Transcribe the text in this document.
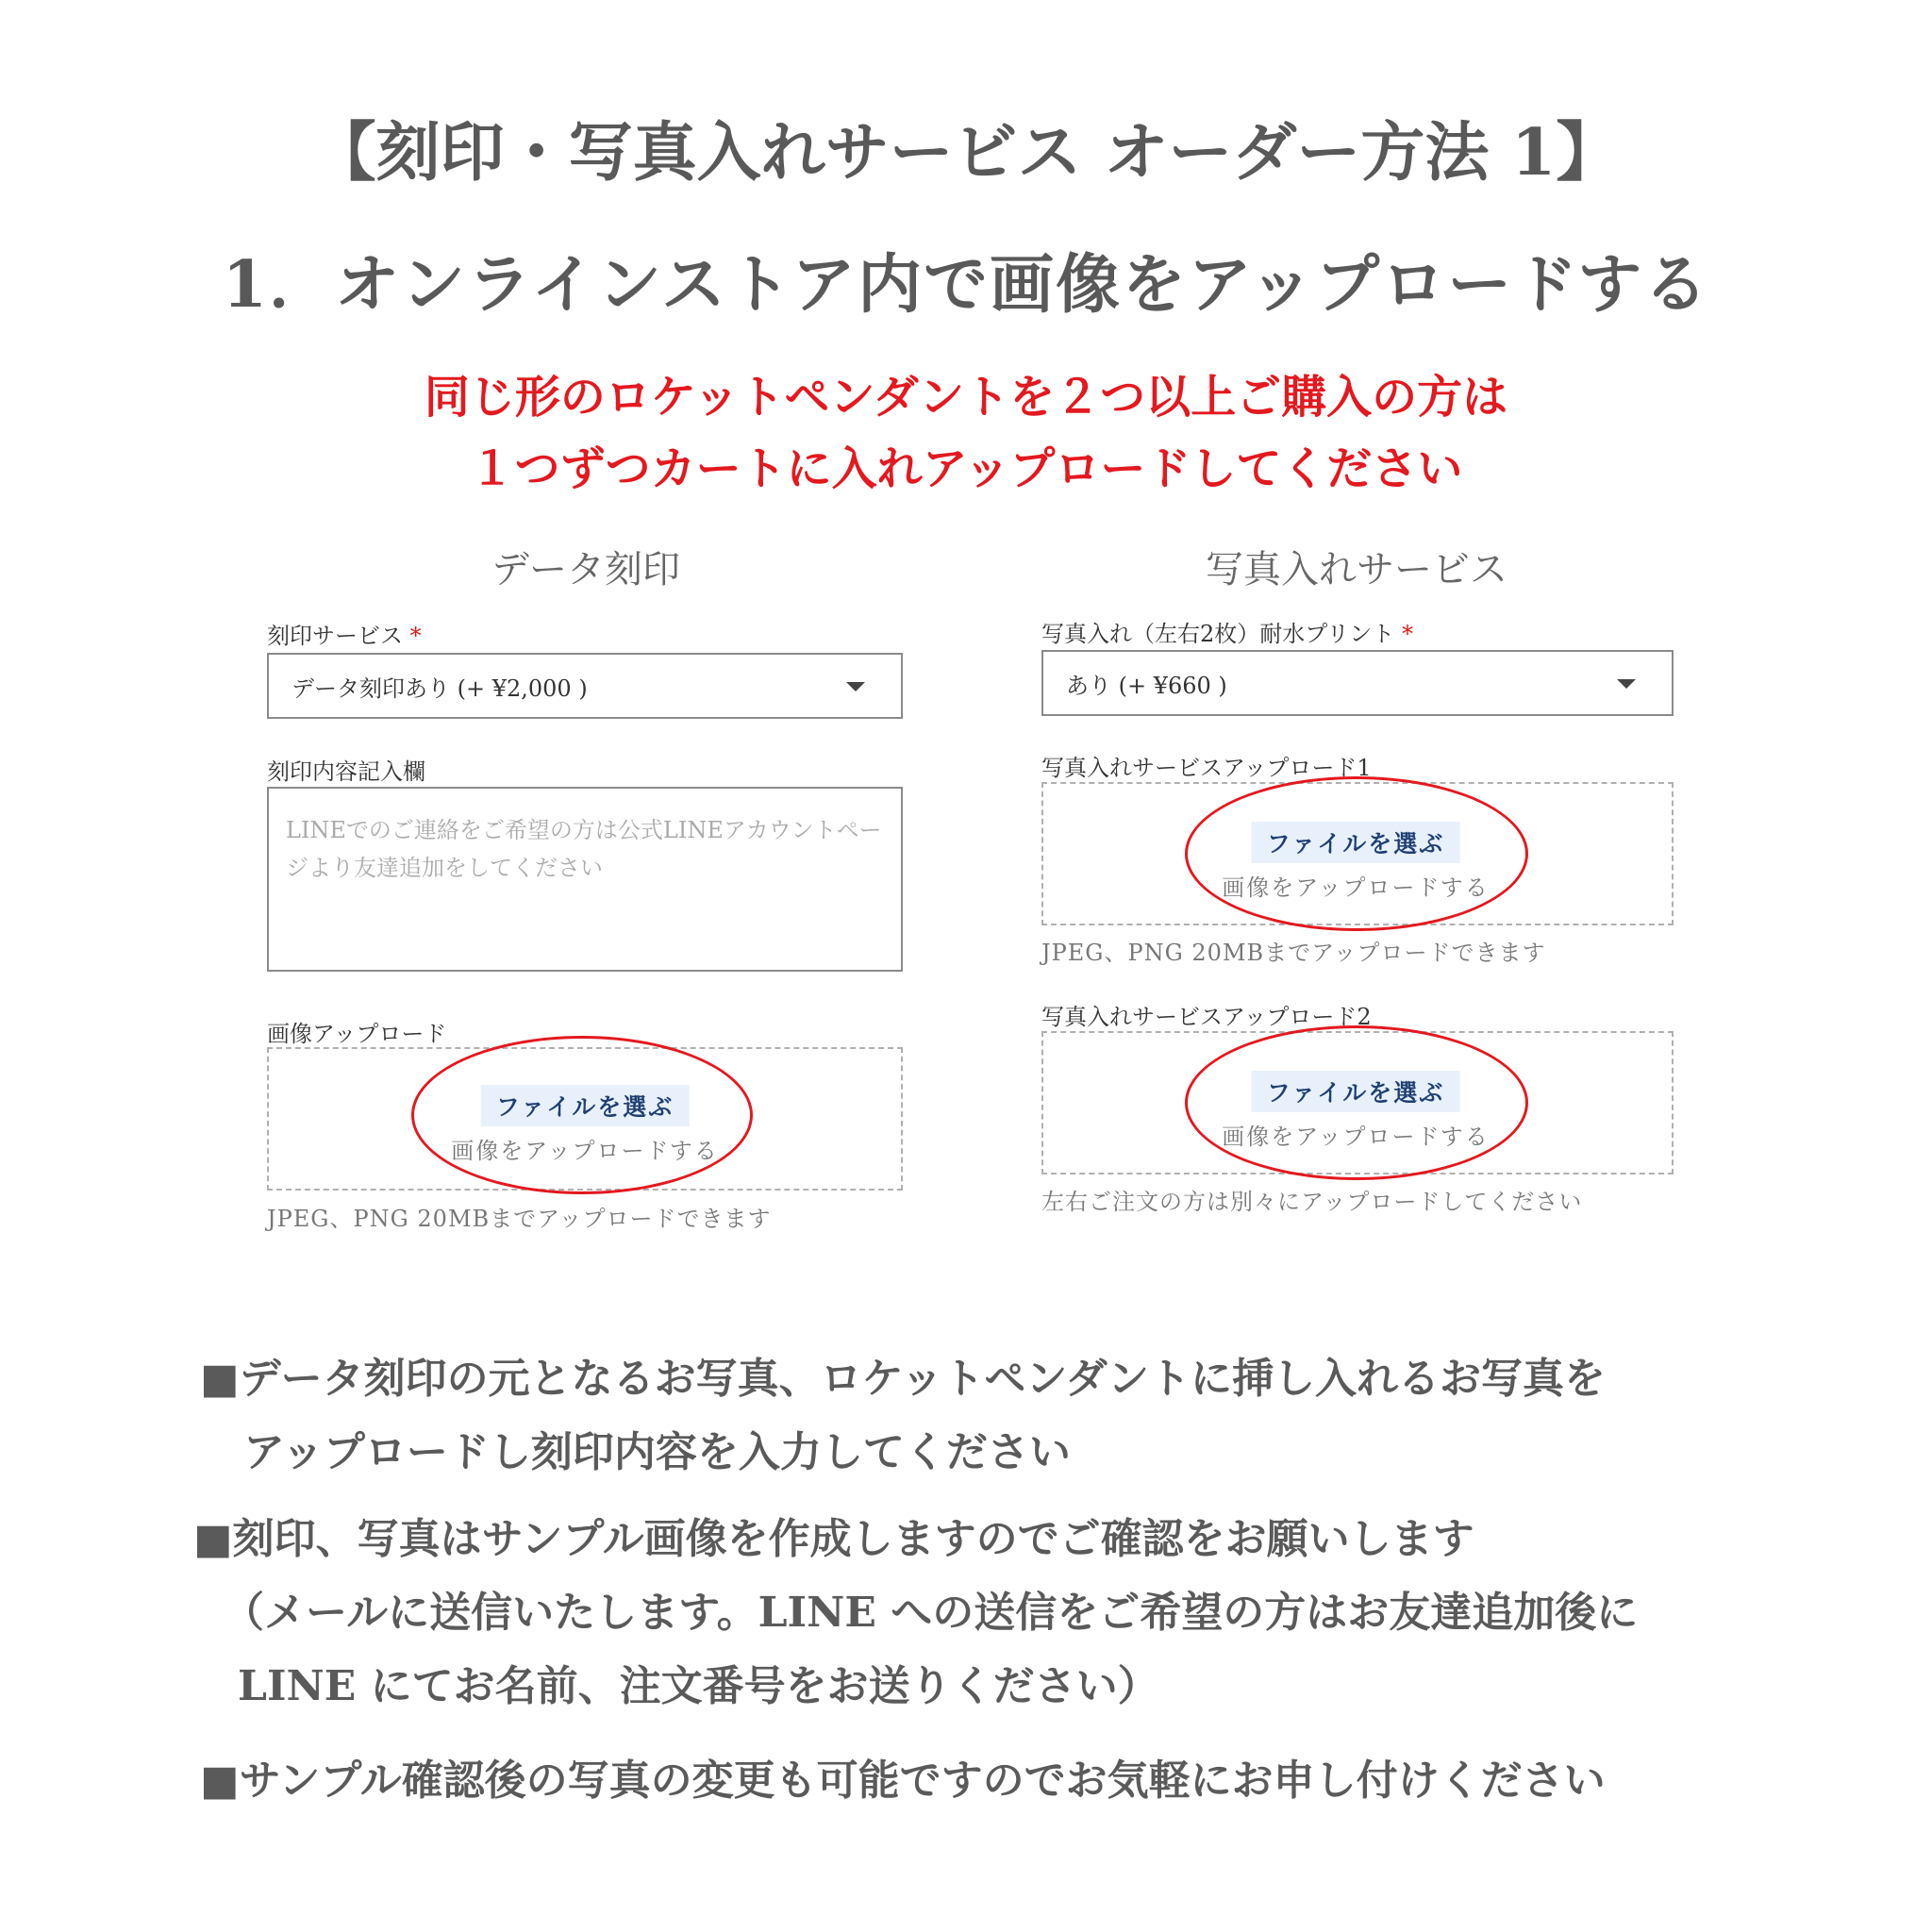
【刻印・写真入れサービス オーダー方法 1】
1．オンラインストア内で画像をアップロードする
同じ形のロケットペンダントを２つ以上ご購入の方は
１つずつカートに入れアップロードしてください
データ刻印
刻印サービス *
データ刻印あり (+ ¥2,000 )
刻印内容記入欄
LINEでのご連絡をご希望の方は公式LINEアカウントページより友達追加をしてください
画像アップロード
ファイルを選ぶ
画像をアップロードする
JPEG、PNG 20MBまでアップロードできます
写真入れサービス
写真入れ（左右2枚）耐水プリント *
あり (+ ¥660 )
写真入れサービスアップロード1
ファイルを選ぶ
画像をアップロードする
JPEG、PNG 20MBまでアップロードできます
写真入れサービスアップロード2
ファイルを選ぶ
画像をアップロードする
左右ご注文の方は別々にアップロードしてください
■データ刻印の元となるお写真、ロケットペンダントに挿し入れるお写真を
アップロードし刻印内容を入力してください
■刻印、写真はサンプル画像を作成しますのでご確認をお願いします
（メールに送信いたします。LINE への送信をご希望の方はお友達追加後に
LINE にてお名前、注文番号をお送りください）
■サンプル確認後の写真の変更も可能ですのでお気軽にお申し付けください
